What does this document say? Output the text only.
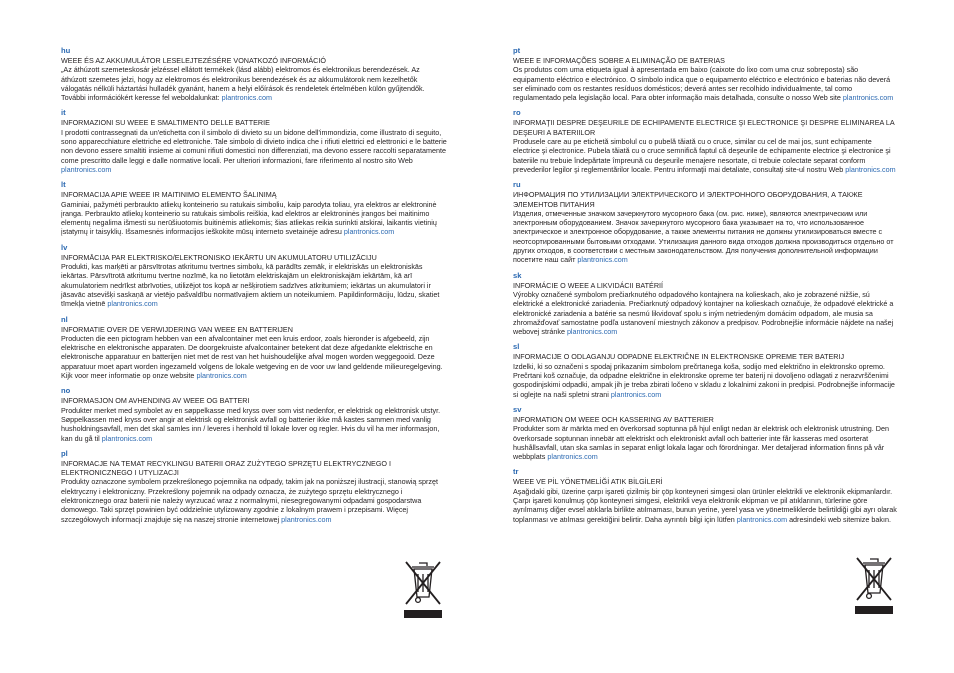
hu

WEEE ÉS AZ AKKUMULÁTOR LESELEJTEZÉSÉRE VONATKOZÓ INFORMÁCIÓ

„Az áthúzott szemeteskosár jelzéssel ellátott termékek (lásd alább) elektromos és elektronikus berendezések. Az áthúzott szemetes jelzi, hogy az elektromos és elektronikus berendezések és az akkumulátorok nem kezelhetők válogatás nélküli háztartási hulladék gyanánt, hanem a helyi előírások és rendeletek értelmében külön gyűjtendők. További információkért keresse fel weboldalunkat: plantronics.com

it

INFORMAZIONI SU WEEE E SMALTIMENTO DELLE BATTERIE

I prodotti contrassegnati da un'etichetta con il simbolo di divieto su un bidone dell'immondizia, come illustrato di seguito, sono apparecchiature elettriche ed elettroniche. Tale simbolo di divieto indica che i rifiuti elettrici ed elettronici e le batterie non devono essere smaltiti insieme ai comuni rifiuti domestici non differenziati, ma devono essere raccolti separatamente come prescritto dalle leggi e dalle normative locali. Per ulteriori informazioni, fare riferimento al nostro sito Web plantronics.com

lt

INFORMACIJA APIE WEEE IR MAITINIMO ELEMENTO ŠALINIMĄ

Gaminiai, pažymėti perbraukto atliekų konteinerio su ratukais simboliu, kaip parodyta toliau, yra elektros ar elektroninė įranga. Perbraukto atliekų konteinerio su ratukais simbolis reiškia, kad elektros ar elektroninės įrangos bei maitinimo elementų negalima išmesti su nerūšiuotomis buitinėmis atliekomis; šias atliekas reikia surinkti atskirai, laikantis vietinių įstatymų ir taisyklių. Išsamesnės informacijos ieškokite mūsų interneto svetainėje adresu plantronics.com

lv

INFORMĀCIJA PAR ELEKTRISKO/ELEKTRONISKO IEKĀRTU UN AKUMULATORU UTILIZĀCIJU

Produkti, kas marķēti ar pārsvītrotas atkritumu tvertnes simbolu, kā parādīts zemāk, ir elektriskās un elektroniskās iekārtas. Pārsvītrotā atkritumu tvertne nozīmē, ka no lietotām elektriskajām un elektroniskajām iekārtām, kā arī akumulatoriem nedrīkst atbrīvoties, utilizējot tos kopā ar nešķirotiem sadzīves atkritumiem; iekārtas un akumulatori ir jāsavāc atsevišķi saskaņā ar vietējo pašvaldību normatīvajiem aktiem un noteikumiem. Papildinformāciju, lūdzu, skatiet tīmekļa vietnē plantronics.com

nl

INFORMATIE OVER DE VERWIJDERING VAN WEEE EN BATTERIJEN

Producten die een pictogram hebben van een afvalcontainer met een kruis erdoor, zoals hieronder is afgebeeld, zijn elektrische en elektronische apparaten. De doorgekruiste afvalcontainer betekent dat deze afgedankte elektrische en elektronische apparatuur en batterijen niet met de rest van het huishoudelijke afval mogen worden weggegooid. Deze apparatuur moet apart worden ingezameld volgens de lokale wetgeving en de voor uw land geldende milieuregelgeving. Kijk voor meer informatie op onze website plantronics.com

no

INFORMASJON OM AVHENDING AV WEEE OG BATTERI

Produkter merket med symbolet av en søppelkasse med kryss over som vist nedenfor, er elektrisk og elektronisk utstyr. Søppelkassen med kryss over angir at elektrisk og elektronisk avfall og batterier ikke må kastes sammen med vanlig husholdningsavfall, men det skal samles inn / leveres i henhold til lokale lover og regler. Hvis du vil ha mer informasjon, kan du gå til plantronics.com

pl

INFORMACJE NA TEMAT RECYKLINGU BATERII ORAZ ZUŻYTEGO SPRZĘTU ELEKTRYCZNEGO I ELEKTRONICZNEGO I UTYLIZACJI

Produkty oznaczone symbolem przekreślonego pojemnika na odpady, takim jak na poniższej ilustracji, stanowią sprzęt elektryczny i elektroniczny. Przekreślony pojemnik na odpady oznacza, że zużytego sprzętu elektrycznego i elektronicznego oraz baterii nie należy wyrzucać wraz z normalnymi, niesegregowanymi odpadami gospodarstwa domowego. Taki sprzęt powinien być oddzielnie utylizowany zgodnie z lokalnym prawem i przepisami. Więcej szczegółowych informacji znajduje się na naszej stronie internetowej plantronics.com

pt

WEEE E INFORMAÇÕES SOBRE A ELIMINAÇÃO DE BATERIAS

Os produtos com uma etiqueta igual à apresentada em baixo (caixote do lixo com uma cruz sobreposta) são equipamento eléctrico e electrónico. O símbolo indica que o equipamento eléctrico e electrónico e baterias não deverá ser eliminado com os restantes resíduos domésticos; deverá antes ser recolhido individualmente, tal como regulamentado pela legislação local. Para obter informação mais detalhada, consulte o nosso Web site plantronics.com

ro

INFORMAŢII DESPRE DEŞEURILE DE ECHIPAMENTE ELECTRICE ŞI ELECTRONICE ŞI DESPRE ELIMINAREA LA DEŞEURI A BATERIILOR

Produsele care au pe etichetă simbolul cu o pubelă tăiată cu o cruce, similar cu cel de mai jos, sunt echipamente electrice şi electronice. Pubela tăiată cu o cruce semnifică faptul că deşeurile de echipamente electrice şi electronice şi bateriile nu trebuie îndepărtate împreună cu deşeurile menajere nesortate, ci trebuie colectate separat conform prevederilor legilor şi reglementărilor locale. Pentru informaţii mai detaliate, consultaţi site-ul nostru Web plantronics.com

ru

ИНФОРМАЦИЯ ПО УТИЛИЗАЦИИ ЭЛЕКТРИЧЕСКОГО И ЭЛЕКТРОННОГО ОБОРУДОВАНИЯ, А ТАКЖЕ ЭЛЕМЕНТОВ ПИТАНИЯ

Изделия, отмеченные значком зачеркнутого мусорного бака (см. рис. ниже), являются электрическим или электронным оборудованием. Значок зачеркнутого мусорного бака указывает на то, что использованное электрическое и электронное оборудование, а также элементы питания не должны утилизироваться вместе с неотсортированными бытовыми отходами. Утилизация данного вида отходов должна производиться отдельно от других отходов, в соответствии с местным законодательством. Для получения дополнительной информации посетите наш сайт plantronics.com

sk

INFORMÁCIE O WEEE A LIKVIDÁCII BATÉRIÍ

Výrobky označené symbolom prečiarknutého odpadového kontajnera na kolieskach, ako je zobrazené nižšie, sú elektrické a elektronické zariadenia. Prečiarknutý odpadový kontajner na kolieskach označuje, že odpadové elektrické a elektronické zariadenia a batérie sa nesmú likvidovať spolu s iným netriedeným domácim odpadom, ale musia sa zhromažďovať samostatne podľa ustanovení miestnych zákonov a predpisov. Podrobnejšie informácie nájdete na našej webovej stránke plantronics.com

sl

INFORMACIJE O ODLAGANJU ODPADNE ELEKTRIČNE IN ELEKTRONSKE OPREME TER BATERIJ

Izdelki, ki so označeni s spodaj prikazanim simbolom prečrtanega koša, sodijo med električno in elektronsko opremo. Prečrtani koš označuje, da odpadne električne in elektronske opreme ter baterij ni dovoljeno odlagati z nerazvrščenimi gospodinjskimi odpadki, ampak jih je treba zbirati ločeno v skladu z lokalnimi zakoni in predpisi. Podrobnejše informacije si oglejte na naši spletni strani plantronics.com

sv

INFORMATION OM WEEE OCH KASSERING AV BATTERIER

Produkter som är märkta med en överkorsad soptunna på hjul enligt nedan är elektrisk och elektronisk utrustning. Den överkorsade soptunnan innebär att elektriskt och elektroniskt avfall och batterier inte får kasseras med osorterat hushållsavfall, utan ska samlas in separat enligt lokala lagar och förordningar. Mer detaljerad information finns på vår webbplats plantronics.com

tr

WEEE VE PİL YÖNETMELİĞİ ATIK BİLGİLERİ

Aşağıdaki gibi, üzerine çarpı işareti çizilmiş bir çöp konteyneri simgesi olan ürünler elektrikli ve elektronik ekipmanlardır. Çarpı işareti konulmuş çöp konteyneri simgesi, elektrikli veya elektronik ekipman ve pil atıklarının, türlerine göre ayrılmamış diğer evsel atıklarla birlikte atılmaması, bunun yerine, yerel yasa ve yönetmeliklerde belirtildiği gibi ayrı olarak toplanması ve atılması gerektiğini belirtir. Daha ayrıntılı bilgi için lütfen plantronics.com adresindeki web sitemize bakın.
